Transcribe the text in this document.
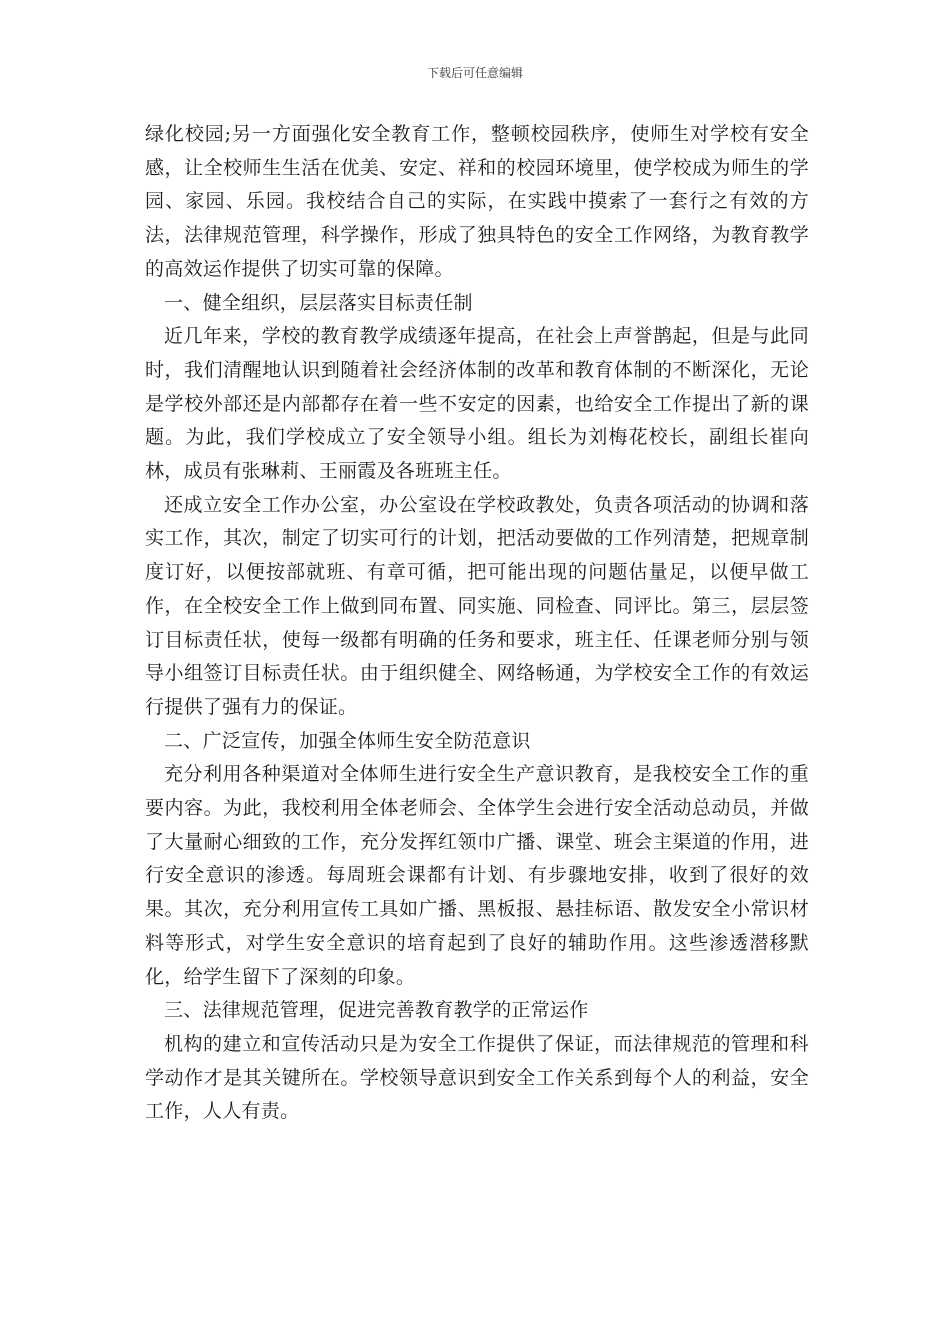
下载后可任意编辑

绿化校园;另一方面强化安全教育工作，整顿校园秩序，使师生对学校有安全感，让全校师生生活在优美、安定、祥和的校园环境里，使学校成为师生的学园、家园、乐园。我校结合自己的实际，在实践中摸索了一套行之有效的方法，法律规范管理，科学操作，形成了独具特色的安全工作网络，为教育教学的高效运作提供了切实可靠的保障。

一、健全组织，层层落实目标责任制

近几年来，学校的教育教学成绩逐年提高，在社会上声誉鹊起，但是与此同时，我们清醒地认识到随着社会经济体制的改革和教育体制的不断深化，无论是学校外部还是内部都存在着一些不安定的因素，也给安全工作提出了新的课题。为此，我们学校成立了安全领导小组。组长为刘梅花校长，副组长崔向林，成员有张琳莉、王丽霞及各班班主任。

还成立安全工作办公室，办公室设在学校政教处，负责各项活动的协调和落实工作，其次，制定了切实可行的计划，把活动要做的工作列清楚，把规章制度订好，以便按部就班、有章可循，把可能出现的问题估量足，以便早做工作，在全校安全工作上做到同布置、同实施、同检查、同评比。第三，层层签订目标责任状，使每一级都有明确的任务和要求，班主任、任课老师分别与领导小组签订目标责任状。由于组织健全、网络畅通，为学校安全工作的有效运行提供了强有力的保证。

二、广泛宣传，加强全体师生安全防范意识

充分利用各种渠道对全体师生进行安全生产意识教育，是我校安全工作的重要内容。为此，我校利用全体老师会、全体学生会进行安全活动总动员，并做了大量耐心细致的工作，充分发挥红领巾广播、课堂、班会主渠道的作用，进行安全意识的渗透。每周班会课都有计划、有步骤地安排，收到了很好的效果。其次，充分利用宣传工具如广播、黑板报、悬挂标语、散发安全小常识材料等形式，对学生安全意识的培育起到了良好的辅助作用。这些渗透潜移默化，给学生留下了深刻的印象。

三、法律规范管理，促进完善教育教学的正常运作

机构的建立和宣传活动只是为安全工作提供了保证，而法律规范的管理和科学动作才是其关键所在。学校领导意识到安全工作关系到每个人的利益，安全工作，人人有责。
